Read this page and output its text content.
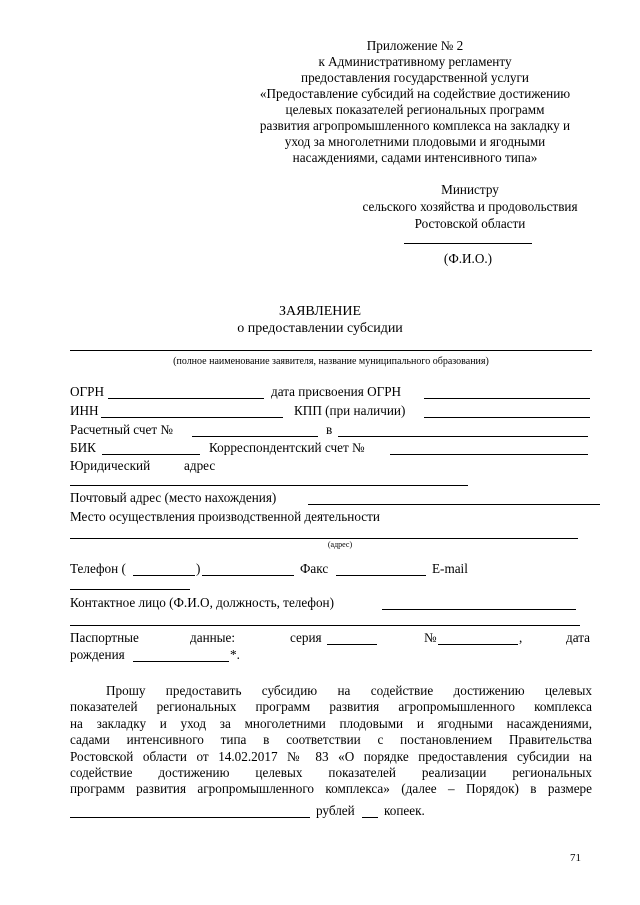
Приложение № 2
к Административному регламенту
предоставления государственной услуги
«Предоставление субсидий на содействие достижению
целевых показателей региональных программ
развития агропромышленного комплекса на закладку и
уход за многолетними плодовыми и ягодными
насаждениями, садами интенсивного типа»
Министру
сельского хозяйства и продовольствия
Ростовской области
(Ф.И.О.)
ЗАЯВЛЕНИЕ
о предоставлении субсидии
(полное наименование заявителя, название муниципального образования)
ОГРН	дата присвоения ОГРН
ИНН	КПП (при наличии)
Расчетный счет №	в
БИК	Корреспондентский счет №
Юридический	адрес
Почтовый адрес (место нахождения)
Место осуществления производственной деятельности
(адрес)
Телефон (	)	Факс	E-mail
Контактное лицо (Ф.И.О, должность, телефон)
Паспортные	данные:	серия	№	,	дата
рождения	*.
Прошу предоставить субсидию на содействие достижению целевых
показателей региональных программ развития агропромышленного комплекса
на закладку и уход за многолетними плодовыми и ягодными насаждениями,
садами интенсивного типа в соответствии с постановлением Правительства
Ростовской области от 14.02.2017 № 83 «О порядке предоставления субсидии на
содействие достижению целевых показателей реализации региональных
программ развития агропромышленного комплекса» (далее – Порядок) в размере
рублей копеек.
71
